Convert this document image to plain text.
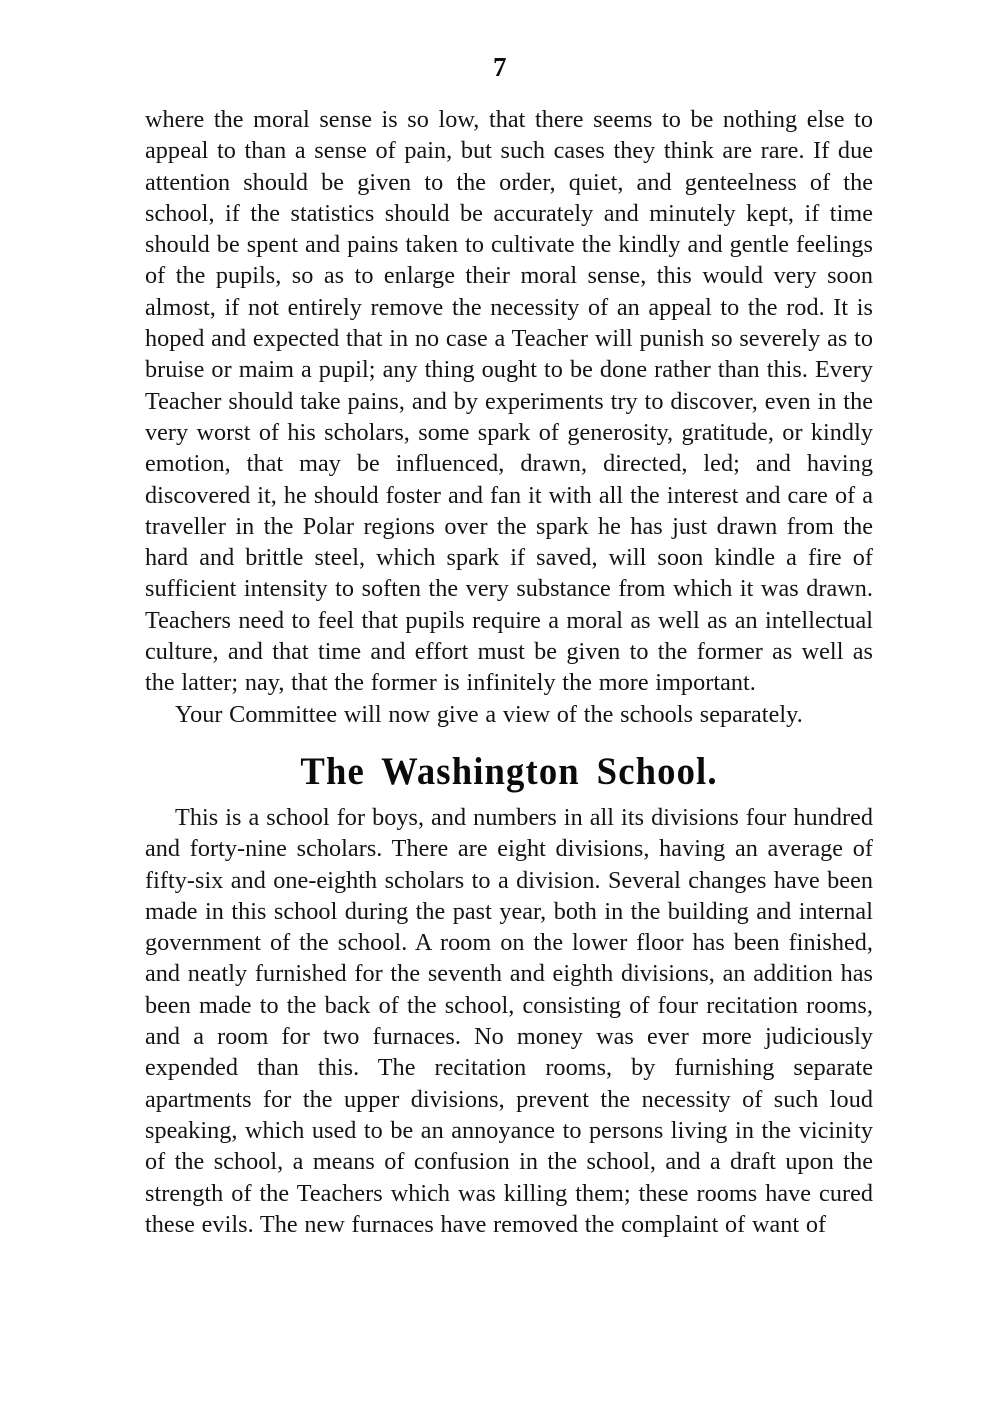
7

where the moral sense is so low, that there seems to be nothing else to appeal to than a sense of pain, but such cases they think are rare. If due attention should be given to the order, quiet, and genteelness of the school, if the statistics should be accurately and minutely kept, if time should be spent and pains taken to cultivate the kindly and gentle feelings of the pupils, so as to enlarge their moral sense, this would very soon almost, if not entirely remove the necessity of an appeal to the rod. It is hoped and expected that in no case a Teacher will punish so severely as to bruise or maim a pupil; any thing ought to be done rather than this. Every Teacher should take pains, and by experiments try to discover, even in the very worst of his scholars, some spark of generosity, gratitude, or kindly emotion, that may be influenced, drawn, directed, led; and having discovered it, he should foster and fan it with all the interest and care of a traveller in the Polar regions over the spark he has just drawn from the hard and brittle steel, which spark if saved, will soon kindle a fire of sufficient intensity to soften the very substance from which it was drawn. Teachers need to feel that pupils require a moral as well as an intellectual culture, and that time and effort must be given to the former as well as the latter; nay, that the former is infinitely the more important.

Your Committee will now give a view of the schools separately.

The Washington School.

This is a school for boys, and numbers in all its divisions four hundred and forty-nine scholars. There are eight divisions, having an average of fifty-six and one-eighth scholars to a division. Several changes have been made in this school during the past year, both in the building and internal government of the school. A room on the lower floor has been finished, and neatly furnished for the seventh and eighth divisions, an addition has been made to the back of the school, consisting of four recitation rooms, and a room for two furnaces. No money was ever more judiciously expended than this. The recitation rooms, by furnishing separate apartments for the upper divisions, prevent the necessity of such loud speaking, which used to be an annoyance to persons living in the vicinity of the school, a means of confusion in the school, and a draft upon the strength of the Teachers which was killing them; these rooms have cured these evils. The new furnaces have removed the complaint of want of
